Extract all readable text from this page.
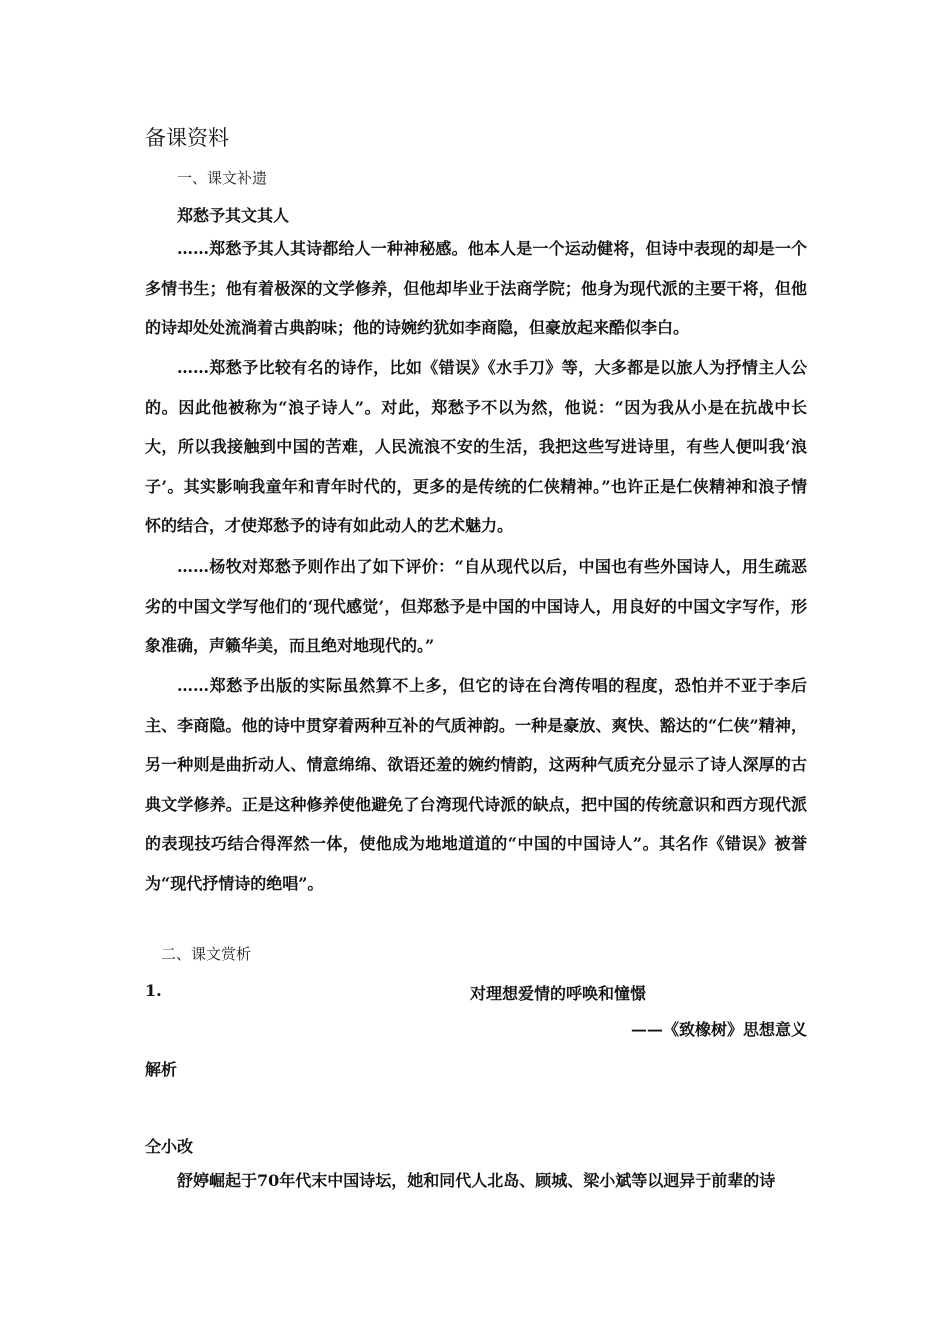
备课资料
一、课文补遗
郑愁予其文其人
……郑愁予其人其诗都给人一种神秘感。他本人是一个运动健将，但诗中表现的却是一个多情书生；他有着极深的文学修养，但他却毕业于法商学院；他身为现代派的主要干将，但他的诗却处处流淌着古典韵味；他的诗婉约犹如李商隐，但豪放起来酷似李白。
……郑愁予比较有名的诗作，比如《错误》《水手刀》等，大多都是以旅人为抒情主人公的。因此他被称为“浪子诗人”。对此，郑愁予不以为然，他说：“因为我从小是在抗战中长大，所以我接触到中国的苦难，人民流浪不安的生活，我把这些写进诗里，有些人便叫我‘浪子’。其实影响我童年和青年时代的，更多的是传统的仁侠精神。”也许正是仁侠精神和浪子情怀的结合，才使郑愁予的诗有如此动人的艺术魅力。
……杨牧对郑愁予则作出了如下评价：“自从现代以后，中国也有些外国诗人，用生疏恶劣的中国文学写他们的‘现代感觉’，但郑愁予是中国的中国诗人，用良好的中国文字写作，形象准确，声籁华美，而且绝对地现代的。”
……郑愁予出版的实际虽然算不上多，但它的诗在台湾传唱的程度，恐怕并不亚于李后主、李商隐。他的诗中贯穿着两种互补的气质神韵。一种是豪放、爽快、豁达的“仁侠”精神，另一种则是曲折动人、情意绵绵、欲语还羞的婉约情韵，这两种气质充分显示了诗人深厚的古典文学修养。正是这种修养使他避免了台湾现代诗派的缺点，把中国的传统意识和西方现代派的表现技巧结合得浑然一体，使他成为地地道道的“中国的中国诗人”。其名作《错误》被誉为“现代抒情诗的绝唱”。
二、课文赏析
1.	对理想爱情的呼唤和憧憬
——《致橡树》思想意义
解析
仝小改
舒婷崛起于70年代末中国诗坛，她和同代人北岛、顾城、梁小斌等以迥异于前辈的诗
